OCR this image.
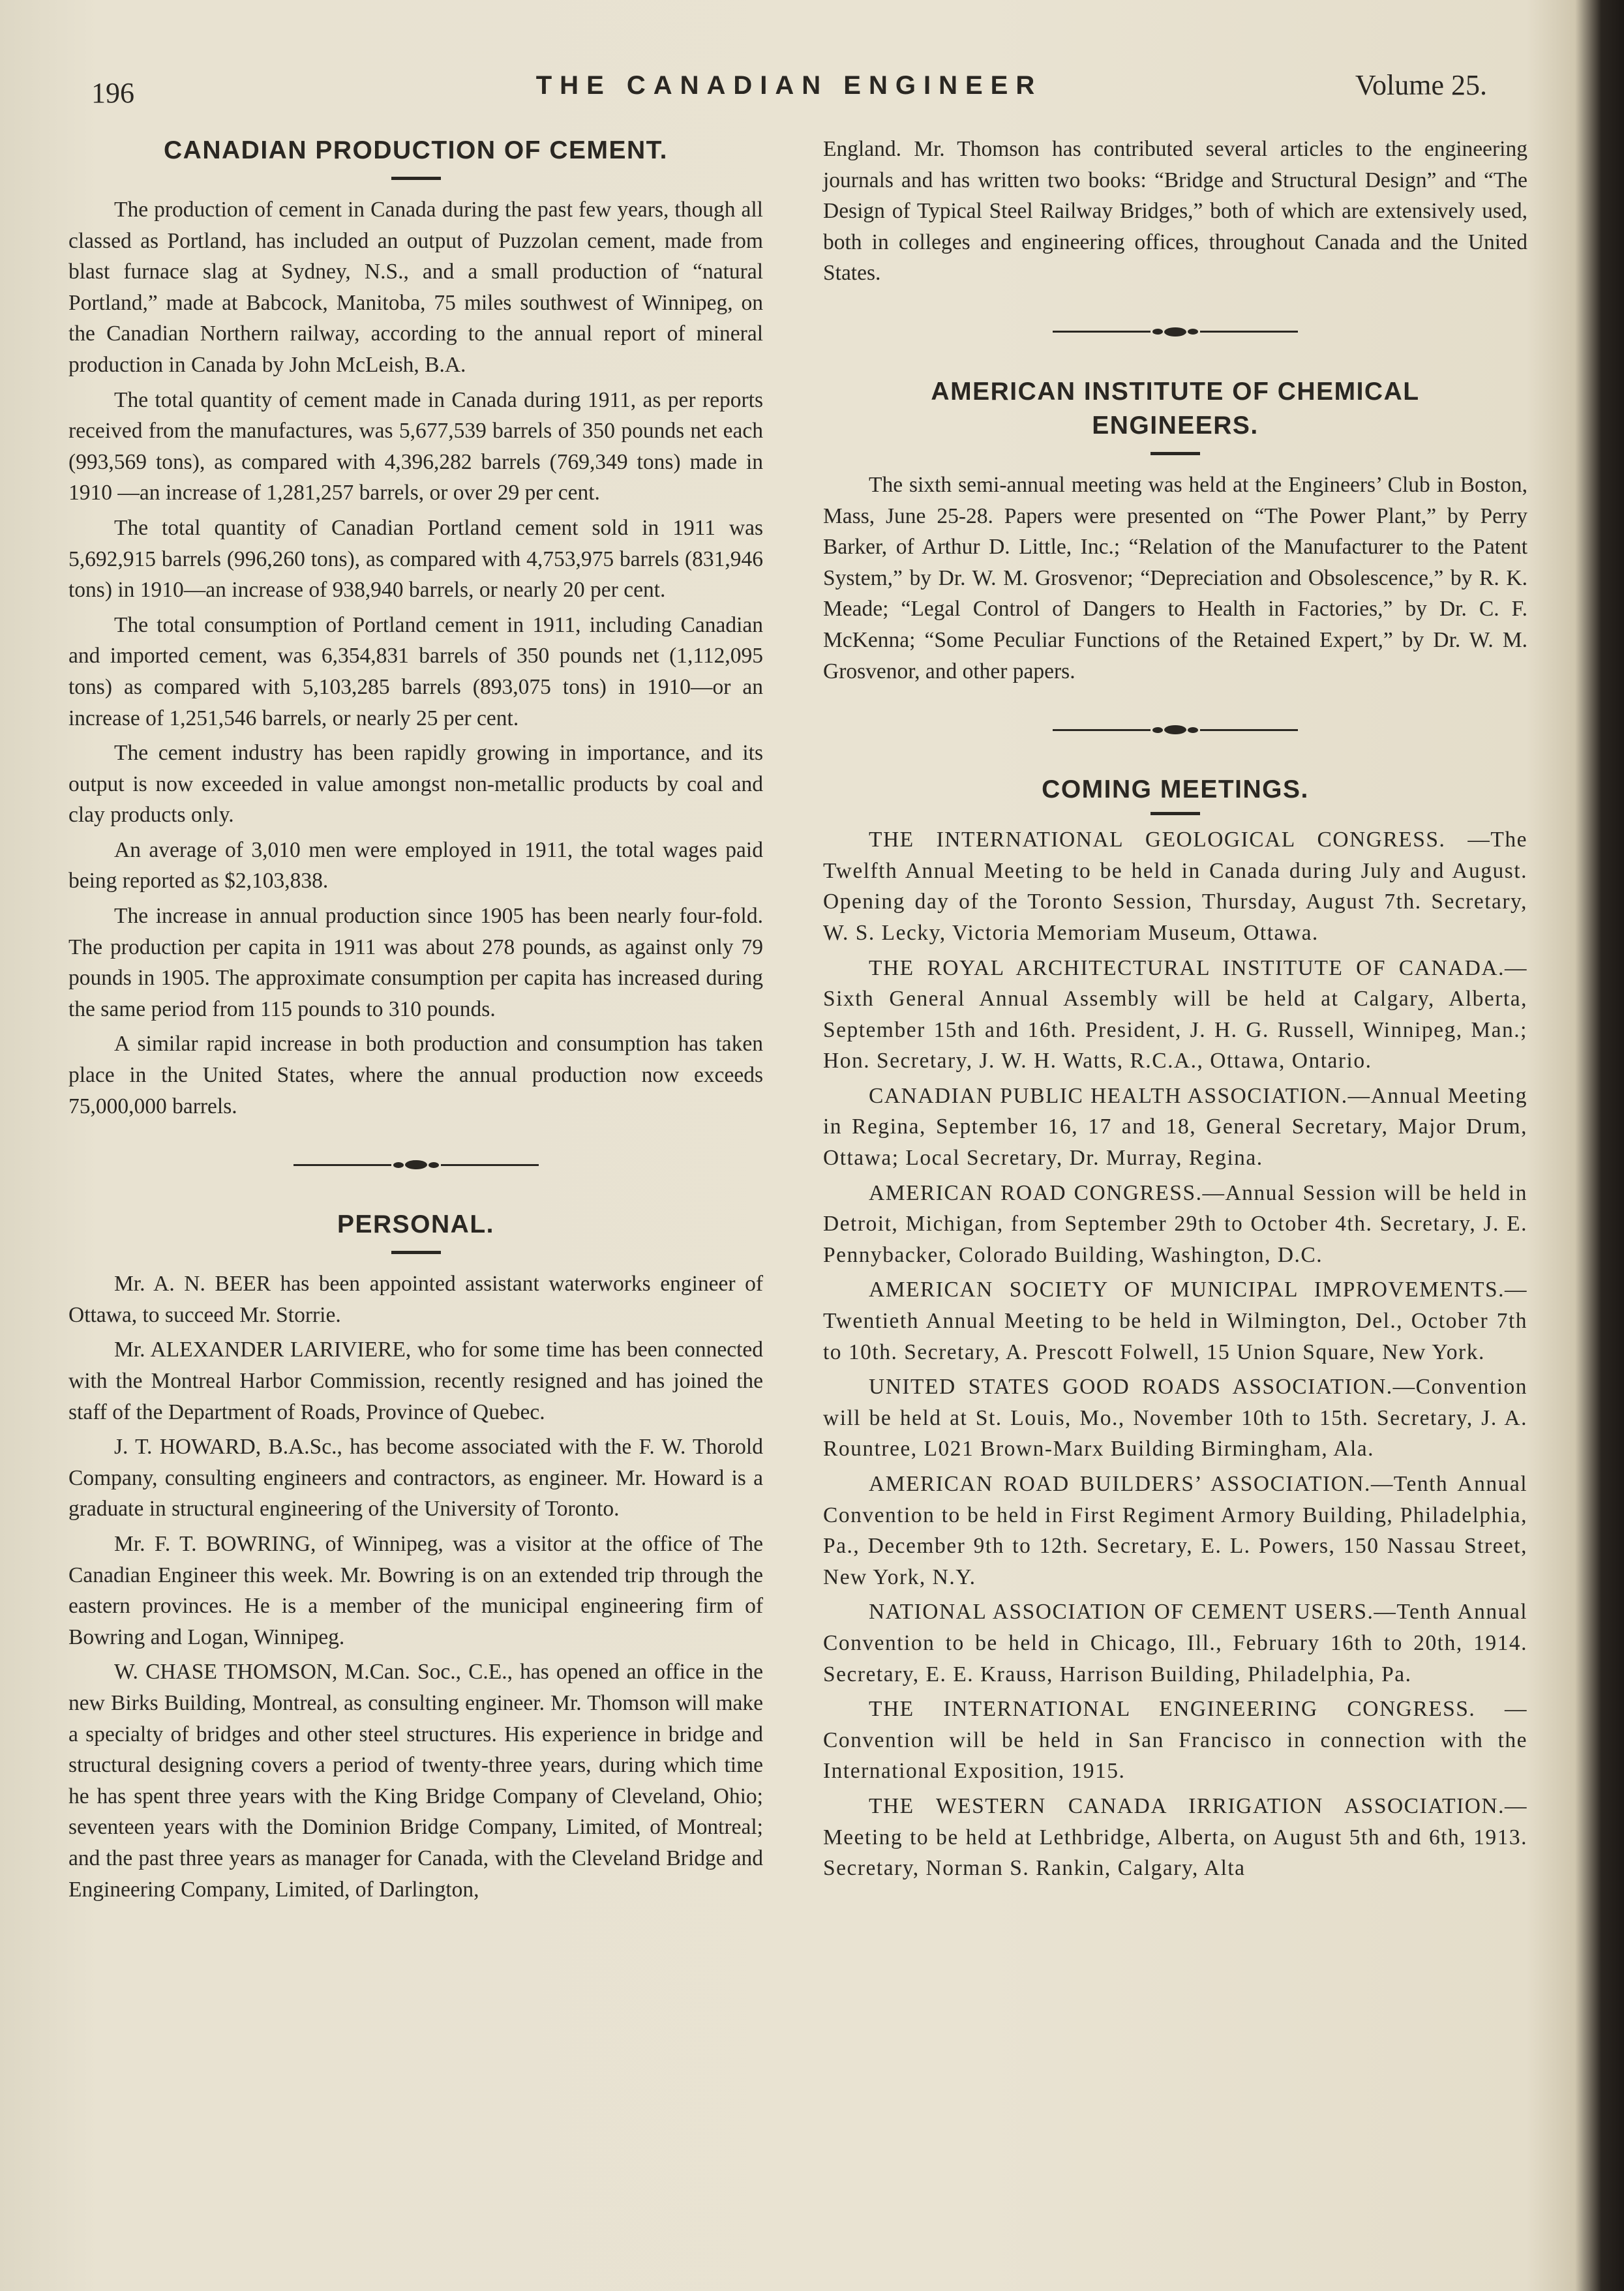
196	THE CANADIAN ENGINEER	Volume 25.
CANADIAN PRODUCTION OF CEMENT.

The production of cement in Canada during the past few years, though all classed as Portland, has included an output of Puzzolan cement, made from blast furnace slag at Sydney, N.S., and a small production of “natural Portland,” made at Babcock, Manitoba, 75 miles southwest of Winnipeg, on the Canadian Northern railway, according to the annual report of mineral production in Canada by John McLeish, B.A.

The total quantity of cement made in Canada during 1911, as per reports received from the manufactures, was 5,677,539 barrels of 350 pounds net each (993,569 tons), as compared with 4,396,282 barrels (769,349 tons) made in 1910 —an increase of 1,281,257 barrels, or over 29 per cent.

The total quantity of Canadian Portland cement sold in 1911 was 5,692,915 barrels (996,260 tons), as compared with 4,753,975 barrels (831,946 tons) in 1910—an increase of 938,940 barrels, or nearly 20 per cent.

The total consumption of Portland cement in 1911, including Canadian and imported cement, was 6,354,831 barrels of 350 pounds net (1,112,095 tons) as compared with 5,103,285 barrels (893,075 tons) in 1910—or an increase of 1,251,546 barrels, or nearly 25 per cent.

The cement industry has been rapidly growing in importance, and its output is now exceeded in value amongst non-metallic products by coal and clay products only.

An average of 3,010 men were employed in 1911, the total wages paid being reported as $2,103,838.

The increase in annual production since 1905 has been nearly four-fold. The production per capita in 1911 was about 278 pounds, as against only 79 pounds in 1905. The approximate consumption per capita has increased during the same period from 115 pounds to 310 pounds.

A similar rapid increase in both production and consumption has taken place in the United States, where the annual production now exceeds 75,000,000 barrels.

PERSONAL.

Mr. A. N. BEER has been appointed assistant waterworks engineer of Ottawa, to succeed Mr. Storrie.

Mr. ALEXANDER LARIVIERE, who for some time has been connected with the Montreal Harbor Commission, recently resigned and has joined the staff of the Department of Roads, Province of Quebec.

J. T. HOWARD, B.A.Sc., has become associated with the F. W. Thorold Company, consulting engineers and contractors, as engineer. Mr. Howard is a graduate in structural engineering of the University of Toronto.

Mr. F. T. BOWRING, of Winnipeg, was a visitor at the office of The Canadian Engineer this week. Mr. Bowring is on an extended trip through the eastern provinces. He is a member of the municipal engineering firm of Bowring and Logan, Winnipeg.

W. CHASE THOMSON, M.Can. Soc., C.E., has opened an office in the new Birks Building, Montreal, as consulting engineer. Mr. Thomson will make a specialty of bridges and other steel structures. His experience in bridge and structural designing covers a period of twenty-three years, during which time he has spent three years with the King Bridge Company of Cleveland, Ohio; seventeen years with the Dominion Bridge Company, Limited, of Montreal; and the past three years as manager for Canada, with the Cleveland Bridge and Engineering Company, Limited, of Darlington,

England. Mr. Thomson has contributed several articles to the engineering journals and has written two books: “Bridge and Structural Design” and “The Design of Typical Steel Railway Bridges,” both of which are extensively used, both in colleges and engineering offices, throughout Canada and the United States.

AMERICAN INSTITUTE OF CHEMICAL
ENGINEERS.

The sixth semi-annual meeting was held at the Engineers’ Club in Boston, Mass, June 25-28. Papers were presented on “The Power Plant,” by Perry Barker, of Arthur D. Little, Inc.; “Relation of the Manufacturer to the Patent System,” by Dr. W. M. Grosvenor; “Depreciation and Obsolescence,” by R. K. Meade; “Legal Control of Dangers to Health in Factories,” by Dr. C. F. McKenna; “Some Peculiar Functions of the Retained Expert,” by Dr. W. M. Grosvenor, and other papers.

COMING MEETINGS.

THE INTERNATIONAL GEOLOGICAL CONGRESS. —The Twelfth Annual Meeting to be held in Canada during July and August. Opening day of the Toronto Session, Thursday, August 7th. Secretary, W. S. Lecky, Victoria Memoriam Museum, Ottawa.

THE ROYAL ARCHITECTURAL INSTITUTE OF CANADA.—Sixth General Annual Assembly will be held at Calgary, Alberta, September 15th and 16th. President, J. H. G. Russell, Winnipeg, Man.; Hon. Secretary, J. W. H. Watts, R.C.A., Ottawa, Ontario.

CANADIAN PUBLIC HEALTH ASSOCIATION.—Annual Meeting in Regina, September 16, 17 and 18, General Secretary, Major Drum, Ottawa; Local Secretary, Dr. Murray, Regina.

AMERICAN ROAD CONGRESS.—Annual Session will be held in Detroit, Michigan, from September 29th to October 4th. Secretary, J. E. Pennybacker, Colorado Building, Washington, D.C.

AMERICAN SOCIETY OF MUNICIPAL IMPROVEMENTS.—Twentieth Annual Meeting to be held in Wilmington, Del., October 7th to 10th. Secretary, A. Prescott Folwell, 15 Union Square, New York.

UNITED STATES GOOD ROADS ASSOCIATION.—Convention will be held at St. Louis, Mo., November 10th to 15th. Secretary, J. A. Rountree, L021 Brown-Marx Building Birmingham, Ala.

AMERICAN ROAD BUILDERS’ ASSOCIATION.—Tenth Annual Convention to be held in First Regiment Armory Building, Philadelphia, Pa., December 9th to 12th. Secretary, E. L. Powers, 150 Nassau Street, New York, N.Y.

NATIONAL ASSOCIATION OF CEMENT USERS.—Tenth Annual Convention to be held in Chicago, Ill., February 16th to 20th, 1914. Secretary, E. E. Krauss, Harrison Building, Philadelphia, Pa.

THE INTERNATIONAL ENGINEERING CONGRESS. —Convention will be held in San Francisco in connection with the International Exposition, 1915.

THE WESTERN CANADA IRRIGATION ASSOCIATION.—Meeting to be held at Lethbridge, Alberta, on August 5th and 6th, 1913. Secretary, Norman S. Rankin, Calgary, Alta
